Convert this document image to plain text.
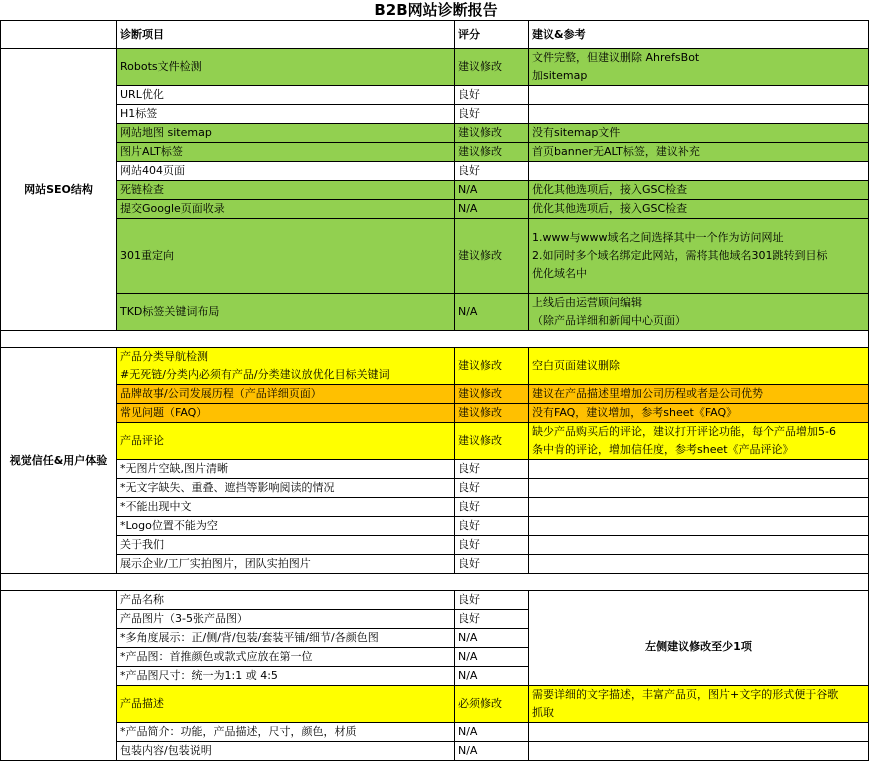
B2B网站诊断报告
	诊断项目	评分	建议&参考
网站SEO结构	Robots文件检测	建议修改	文件完整，但建议删除 AhrefsBot
加sitemap
	URL优化	良好	
	H1标签	良好	
	网站地图 sitemap	建议修改	没有sitemap文件
	图片ALT标签	建议修改	首页banner无ALT标签，建议补充
	网站404页面	良好	
	死链检查	N/A	优化其他选项后，接入GSC检查
	提交Google页面收录	N/A	优化其他选项后，接入GSC检查
	301重定向	建议修改	1.www与www域名之间选择其中一个作为访问网址
2.如同时多个域名绑定此网站，需将其他域名301跳转到目标
优化域名中
	TKD标签关键词布局	N/A	上线后由运营顾问编辑
（除产品详细和新闻中心页面）

视觉信任&用户体验	产品分类导航检测
#无死链/分类内必须有产品/分类建议放优化目标关键词	建议修改	空白页面建议删除
	品牌故事/公司发展历程（产品详细页面）	建议修改	建议在产品描述里增加公司历程或者是公司优势
	常见问题（FAQ）	建议修改	没有FAQ，建议增加，参考sheet《FAQ》
	产品评论	建议修改	缺少产品购买后的评论，建议打开评论功能，每个产品增加5-6
条中肯的评论，增加信任度，参考sheet《产品评论》
	*无图片空缺,图片清晰	良好	
	*无文字缺失、重叠、遮挡等影响阅读的情况	良好	
	*不能出现中文	良好	
	*Logo位置不能为空	良好	
	关于我们	良好	
	展示企业/工厂实拍图片，团队实拍图片	良好	

	产品名称	良好	
	产品图片（3-5张产品图）	良好	左侧建议修改至少1项
	*多角度展示：正/侧/背/包装/套装平铺/细节/各颜色图	N/A	
	*产品图：首推颜色或款式应放在第一位	N/A	
	*产品图尺寸：统一为1:1 或 4:5	N/A	
	产品描述	必须修改	需要详细的文字描述，丰富产品页，图片+文字的形式便于谷歌
抓取
	*产品简介：功能，产品描述，尺寸，颜色，材质	N/A	
	包装内容/包装说明	N/A	
